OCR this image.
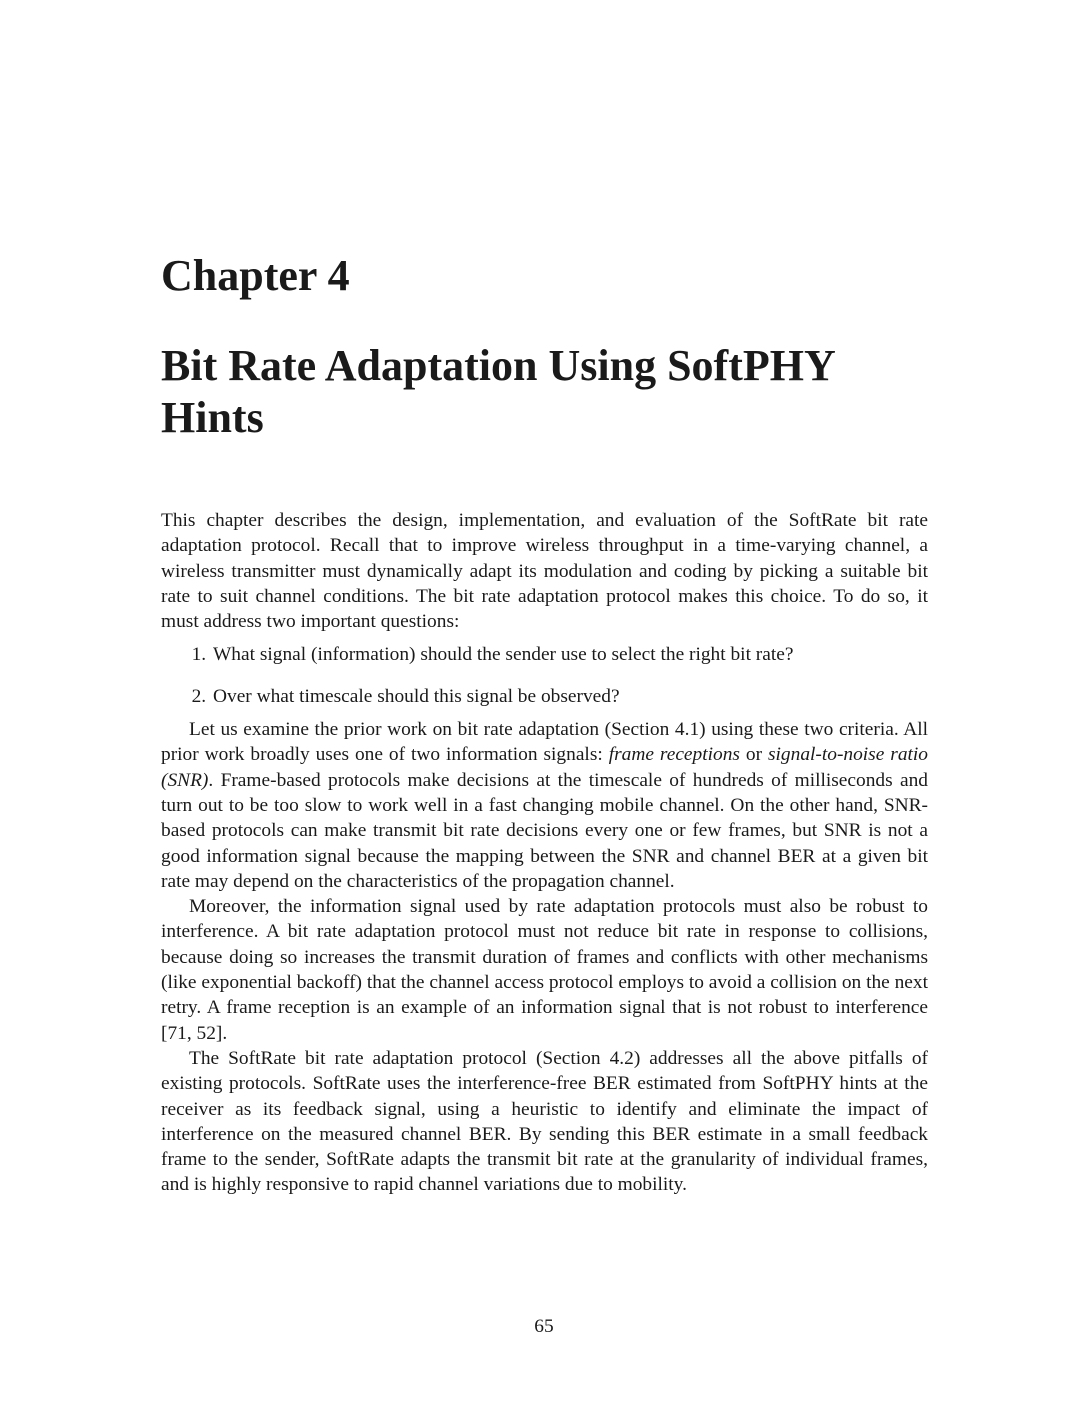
Chapter 4
Bit Rate Adaptation Using SoftPHY Hints

This chapter describes the design, implementation, and evaluation of the SoftRate bit rate adaptation protocol. Recall that to improve wireless throughput in a time-varying channel, a wireless transmitter must dynamically adapt its modulation and coding by picking a suitable bit rate to suit channel conditions. The bit rate adaptation protocol makes this choice. To do so, it must address two important questions:

1. What signal (information) should the sender use to select the right bit rate?
2. Over what timescale should this signal be observed?

Let us examine the prior work on bit rate adaptation (Section 4.1) using these two criteria. All prior work broadly uses one of two information signals: frame receptions or signal-to-noise ratio (SNR). Frame-based protocols make decisions at the timescale of hundreds of milliseconds and turn out to be too slow to work well in a fast changing mobile channel. On the other hand, SNR-based protocols can make transmit bit rate decisions every one or few frames, but SNR is not a good information signal because the mapping between the SNR and channel BER at a given bit rate may depend on the characteristics of the propagation channel.

Moreover, the information signal used by rate adaptation protocols must also be robust to interference. A bit rate adaptation protocol must not reduce bit rate in response to collisions, because doing so increases the transmit duration of frames and conflicts with other mechanisms (like exponential backoff) that the channel access protocol employs to avoid a collision on the next retry. A frame reception is an example of an information signal that is not robust to interference [71, 52].

The SoftRate bit rate adaptation protocol (Section 4.2) addresses all the above pitfalls of existing protocols. SoftRate uses the interference-free BER estimated from SoftPHY hints at the receiver as its feedback signal, using a heuristic to identify and eliminate the impact of interference on the measured channel BER. By sending this BER estimate in a small feedback frame to the sender, SoftRate adapts the transmit bit rate at the granularity of individual frames, and is highly responsive to rapid channel variations due to mobility.

65
